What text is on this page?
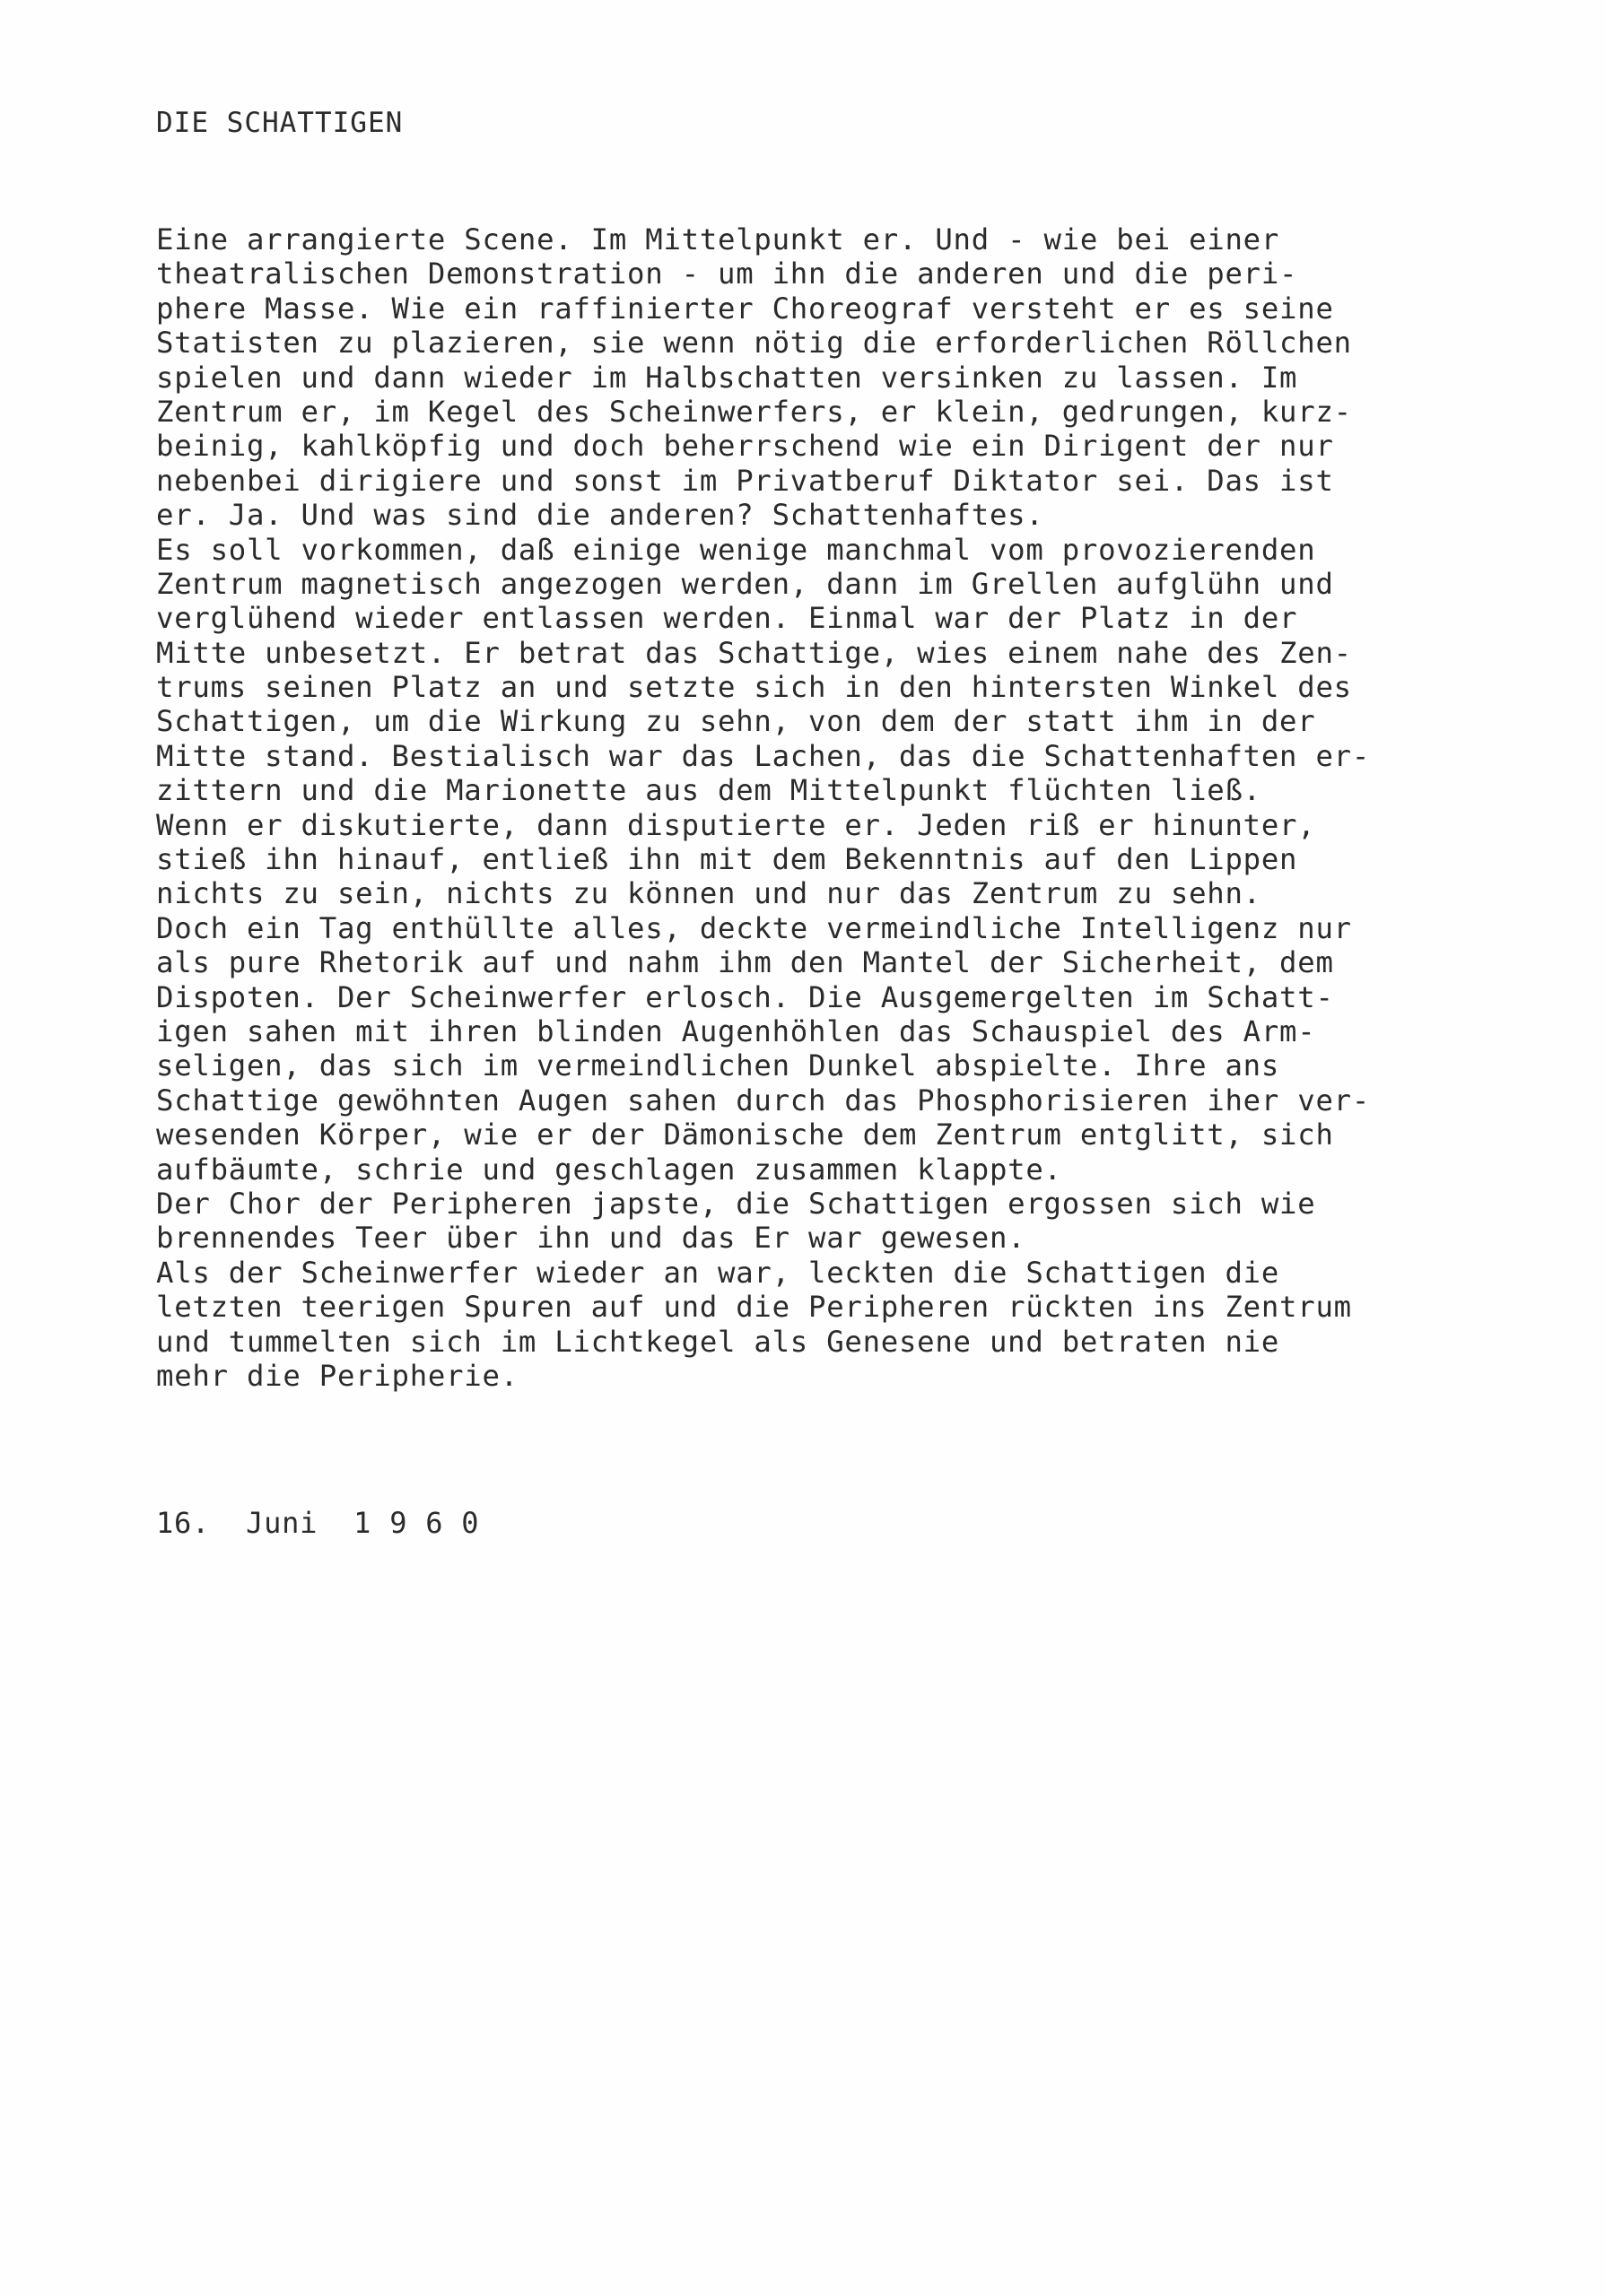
DIE SCHATTIGEN
Eine arrangierte Scene. Im Mittelpunkt er. Und - wie bei einer
theatralischen Demonstration - um ihn die anderen und die peri-
phere Masse. Wie ein raffinierter Choreograf versteht er es seine
Statisten zu plazieren, sie wenn nötig die erforderlichen Röllchen
spielen und dann wieder im Halbschatten versinken zu lassen. Im
Zentrum er, im Kegel des Scheinwerfers, er klein, gedrungen, kurz-
beinig, kahlköpfig und doch beherrschend wie ein Dirigent der nur
nebenbei dirigiere und sonst im Privatberuf Diktator sei. Das ist
er. Ja. Und was sind die anderen? Schattenhaftes.
Es soll vorkommen, daß einige wenige manchmal vom provozierenden
Zentrum magnetisch angezogen werden, dann im Grellen aufglühn und
verglühend wieder entlassen werden. Einmal war der Platz in der
Mitte unbesetzt. Er betrat das Schattige, wies einem nahe des Zen-
trums seinen Platz an und setzte sich in den hintersten Winkel des
Schattigen, um die Wirkung zu sehn, von dem der statt ihm in der
Mitte stand. Bestialisch war das Lachen, das die Schattenhaften er-
zittern und die Marionette aus dem Mittelpunkt flüchten ließ.
Wenn er diskutierte, dann disputierte er. Jeden riß er hinunter,
stieß ihn hinauf, entließ ihn mit dem Bekenntnis auf den Lippen
nichts zu sein, nichts zu können und nur das Zentrum zu sehn.
Doch ein Tag enthüllte alles, deckte vermeindliche Intelligenz nur
als pure Rhetorik auf und nahm ihm den Mantel der Sicherheit, dem
Dispoten. Der Scheinwerfer erlosch. Die Ausgemergelten im Schatt-
igen sahen mit ihren blinden Augenhöhlen das Schauspiel des Arm-
seligen, das sich im vermeindlichen Dunkel abspielte. Ihre ans
Schattige gewöhnten Augen sahen durch das Phosphorisieren iher ver-
wesenden Körper, wie er der Dämonische dem Zentrum entglitt, sich
aufbäumte, schrie und geschlagen zusammen klappte.
Der Chor der Peripheren japste, die Schattigen ergossen sich wie
brennendes Teer über ihn und das Er war gewesen.
Als der Scheinwerfer wieder an war, leckten die Schattigen die
letzten teerigen Spuren auf und die Peripheren rückten ins Zentrum
und tummelten sich im Lichtkegel als Genesene und betraten nie
mehr die Peripherie.
16.  Juni  1 9 6 0
